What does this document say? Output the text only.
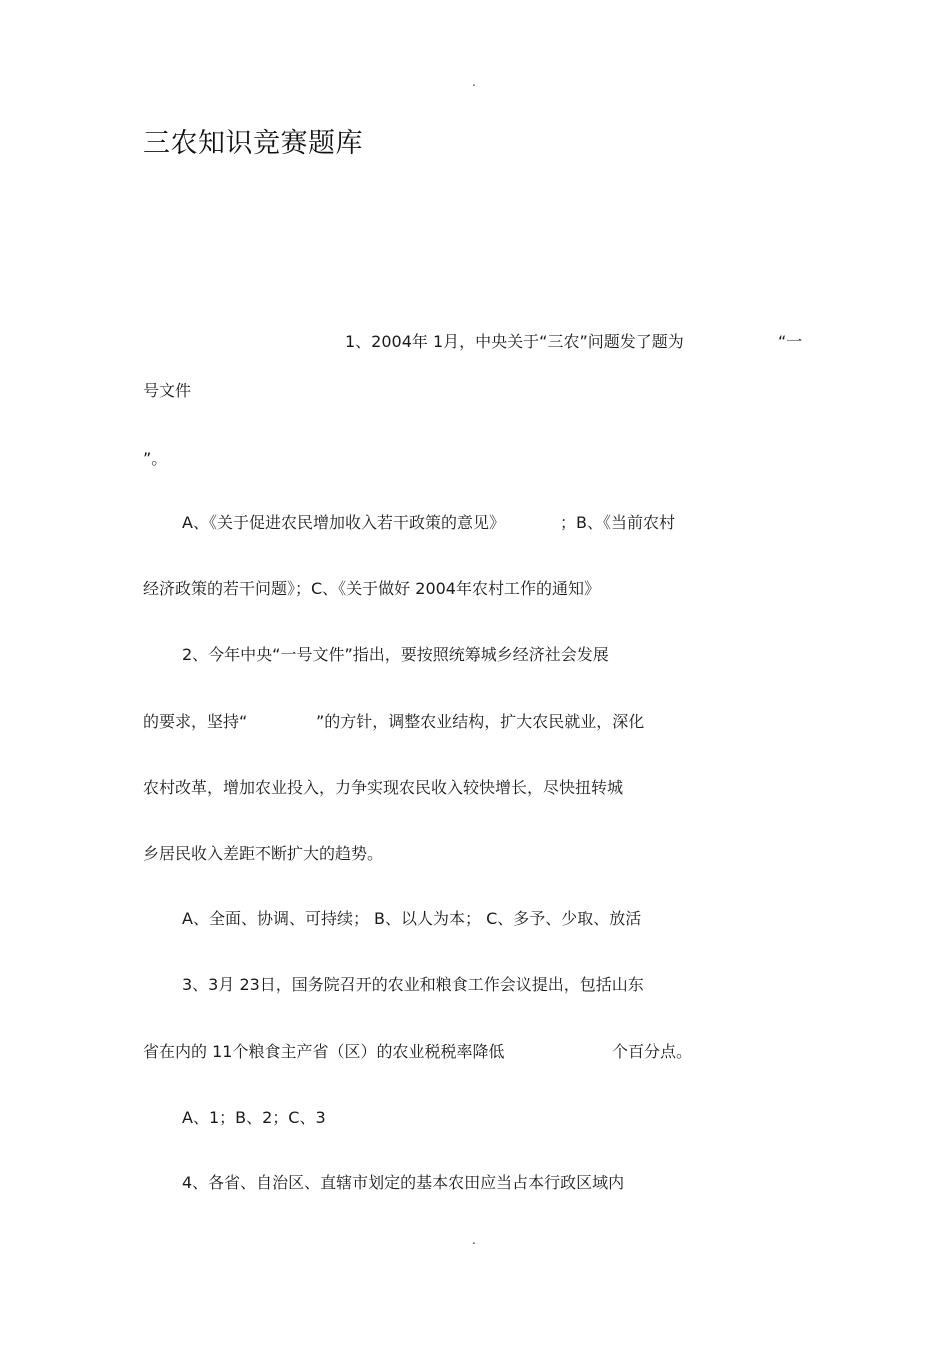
.
三农知识竞赛题库

1、2004年 1月，中央关于“三农”问题发了题为	“一

号文件

”。

A、《关于促进农民增加收入若干政策的意见》	；B、《当前农村

经济政策的若干问题》；C、《关于做好 2004年农村工作的通知》

2、今年中央“一号文件”指出，要按照统筹城乡经济社会发展

的要求，坚持“	”的方针，调整农业结构，扩大农民就业，深化

农村改革，增加农业投入，力争实现农民收入较快增长，尽快扭转城

乡居民收入差距不断扩大的趋势。

A、全面、协调、可持续； B、以人为本； C、多予、少取、放活

3、3月 23日，国务院召开的农业和粮食工作会议提出，包括山东

省在内的 11个粮食主产省（区）的农业税税率降低	个百分点。

A、1；B、2；C、3

4、各省、自治区、直辖市划定的基本农田应当占本行政区域内

.
